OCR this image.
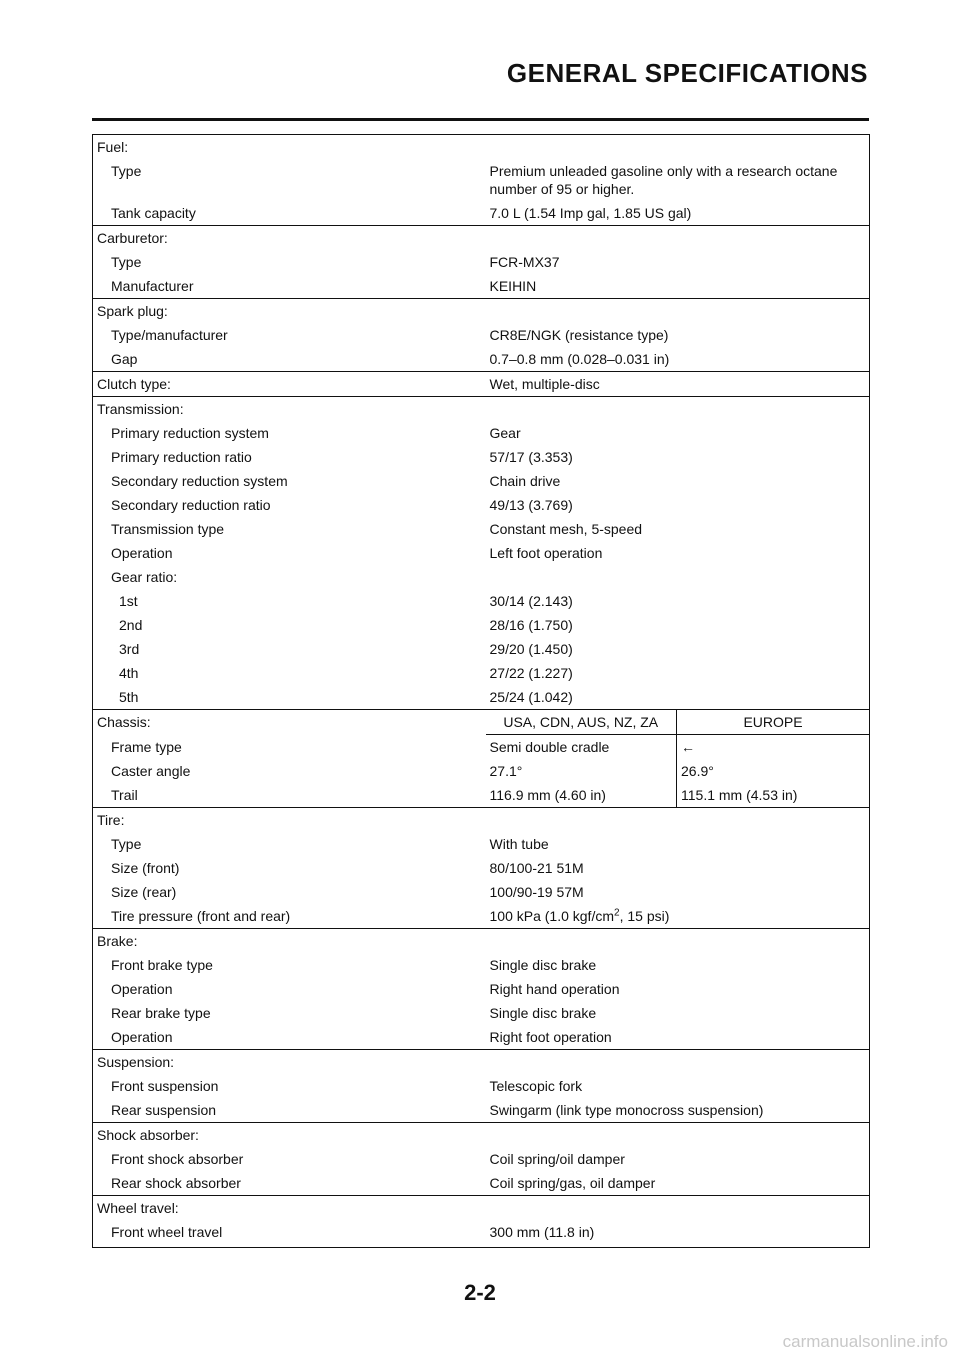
GENERAL SPECIFICATIONS
Fuel:		
Type	Premium unleaded gasoline only with a research octane number of 95 or higher.	
Tank capacity	7.0 L (1.54 Imp gal, 1.85 US gal)	
Carburetor:		
Type	FCR-MX37	
Manufacturer	KEIHIN	
Spark plug:		
Type/manufacturer	CR8E/NGK (resistance type)	
Gap	0.7–0.8 mm (0.028–0.031 in)	
Clutch type:	Wet, multiple-disc	
Transmission:		
Primary reduction system	Gear	
Primary reduction ratio	57/17 (3.353)	
Secondary reduction system	Chain drive	
Secondary reduction ratio	49/13 (3.769)	
Transmission type	Constant mesh, 5-speed	
Operation	Left foot operation	
Gear ratio:		
1st	30/14 (2.143)	
2nd	28/16 (1.750)	
3rd	29/20 (1.450)	
4th	27/22 (1.227)	
5th	25/24 (1.042)	
Chassis:	USA, CDN, AUS, NZ, ZA	EUROPE
Frame type	Semi double cradle	←
Caster angle	27.1°	26.9°
Trail	116.9 mm (4.60 in)	115.1 mm (4.53 in)
Tire:		
Type	With tube	
Size (front)	80/100-21 51M	
Size (rear)	100/90-19 57M	
Tire pressure (front and rear)	100 kPa (1.0 kgf/$cm^2$, 15 psi)	
Brake:		
Front brake type	Single disc brake	
Operation	Right hand operation	
Rear brake type	Single disc brake	
Operation	Right foot operation	
Suspension:		
Front suspension	Telescopic fork	
Rear suspension	Swingarm (link type monocross suspension)	
Shock absorber:		
Front shock absorber	Coil spring/oil damper	
Rear shock absorber	Coil spring/gas, oil damper	
Wheel travel:		
Front wheel travel	300 mm (11.8 in)	
2-2
carmanualsonline.info
